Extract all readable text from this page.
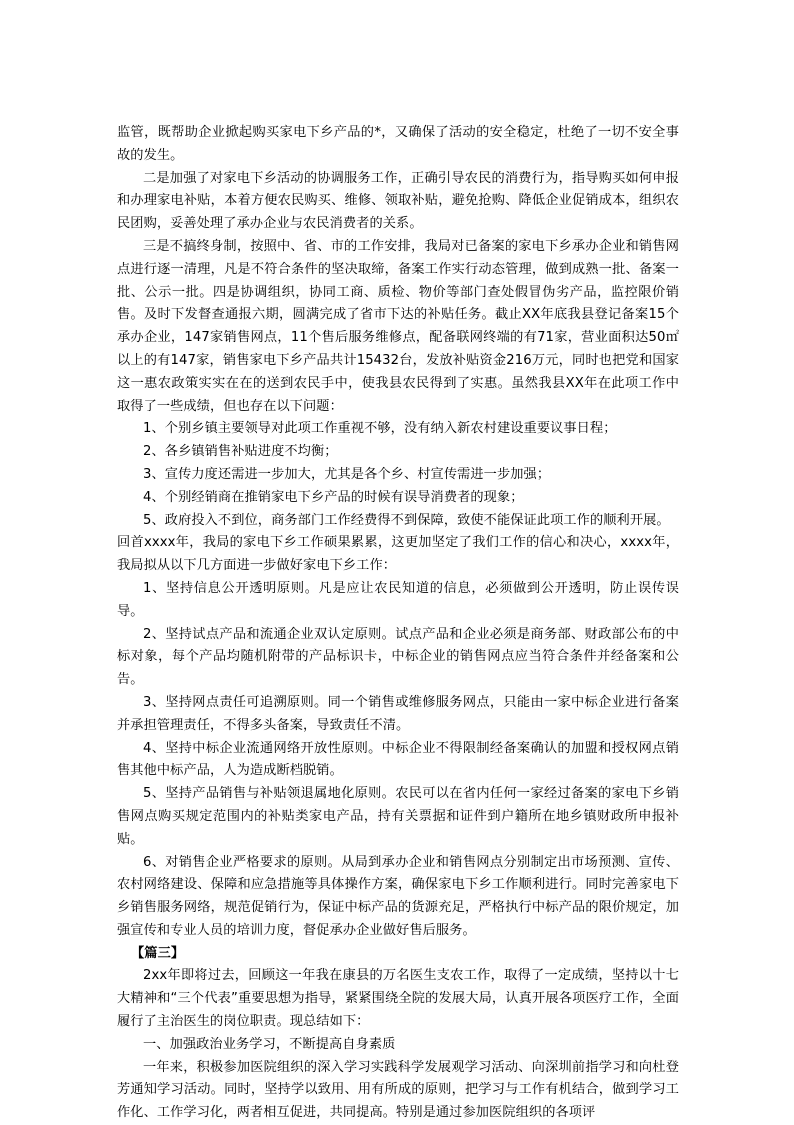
监管，既帮助企业掀起购买家电下乡产品的*，又确保了活动的安全稳定，杜绝了一切不安全事故的发生。

二是加强了对家电下乡活动的协调服务工作，正确引导农民的消费行为，指导购买如何申报和办理家电补贴，本着方便农民购买、维修、领取补贴，避免抢购、降低企业促销成本，组织农民团购，妥善处理了承办企业与农民消费者的关系。

三是不搞终身制，按照中、省、市的工作安排，我局对已备案的家电下乡承办企业和销售网点进行逐一清理，凡是不符合条件的坚决取缔，备案工作实行动态管理，做到成熟一批、备案一批、公示一批。四是协调组织，协同工商、质检、物价等部门查处假冒伪劣产品，监控限价销售。及时下发督查通报六期，圆满完成了省市下达的补贴任务。截止XX年底我县登记备案15个承办企业，147家销售网点，11个售后服务维修点，配备联网终端的有71家，营业面积达50㎡以上的有147家，销售家电下乡产品共计15432台，发放补贴资金216万元，同时也把党和国家这一惠农政策实实在在的送到农民手中，使我县农民得到了实惠。虽然我县XX年在此项工作中取得了一些成绩，但也存在以下问题：

1、个别乡镇主要领导对此项工作重视不够，没有纳入新农村建设重要议事日程；

2、各乡镇销售补贴进度不均衡；

3、宣传力度还需进一步加大，尤其是各个乡、村宣传需进一步加强；

4、个别经销商在推销家电下乡产品的时候有误导消费者的现象；

5、政府投入不到位，商务部门工作经费得不到保障，致使不能保证此项工作的顺利开展。

回首xxxx年，我局的家电下乡工作硕果累累，这更加坚定了我们工作的信心和决心，xxxx年，我局拟从以下几方面进一步做好家电下乡工作：

1、坚持信息公开透明原则。凡是应让农民知道的信息，必须做到公开透明，防止误传误导。

2、坚持试点产品和流通企业双认定原则。试点产品和企业必须是商务部、财政部公布的中标对象，每个产品均随机附带的产品标识卡，中标企业的销售网点应当符合条件并经备案和公告。

3、坚持网点责任可追溯原则。同一个销售或维修服务网点，只能由一家中标企业进行备案并承担管理责任，不得多头备案，导致责任不清。

4、坚持中标企业流通网络开放性原则。中标企业不得限制经备案确认的加盟和授权网点销售其他中标产品，人为造成断档脱销。

5、坚持产品销售与补贴领退属地化原则。农民可以在省内任何一家经过备案的家电下乡销售网点购买规定范围内的补贴类家电产品，持有关票据和证件到户籍所在地乡镇财政所申报补贴。

6、对销售企业严格要求的原则。从局到承办企业和销售网点分别制定出市场预测、宣传、农村网络建设、保障和应急措施等具体操作方案，确保家电下乡工作顺利进行。同时完善家电下乡销售服务网络，规范促销行为，保证中标产品的货源充足，严格执行中标产品的限价规定，加强宣传和专业人员的培训力度，督促承办企业做好售后服务。

【篇三】

2xx年即将过去，回顾这一年我在康县的万名医生支农工作，取得了一定成绩，坚持以十七大精神和“三个代表”重要思想为指导，紧紧围绕全院的发展大局，认真开展各项医疗工作，全面履行了主治医生的岗位职责。现总结如下：

一、加强政治业务学习，不断提高自身素质

一年来，积极参加医院组织的深入学习实践科学发展观学习活动、向深圳前指学习和向杜登芳通知学习活动。同时，坚持学以致用、用有所成的原则，把学习与工作有机结合，做到学习工作化、工作学习化，两者相互促进，共同提高。特别是通过参加医院组织的各项评
